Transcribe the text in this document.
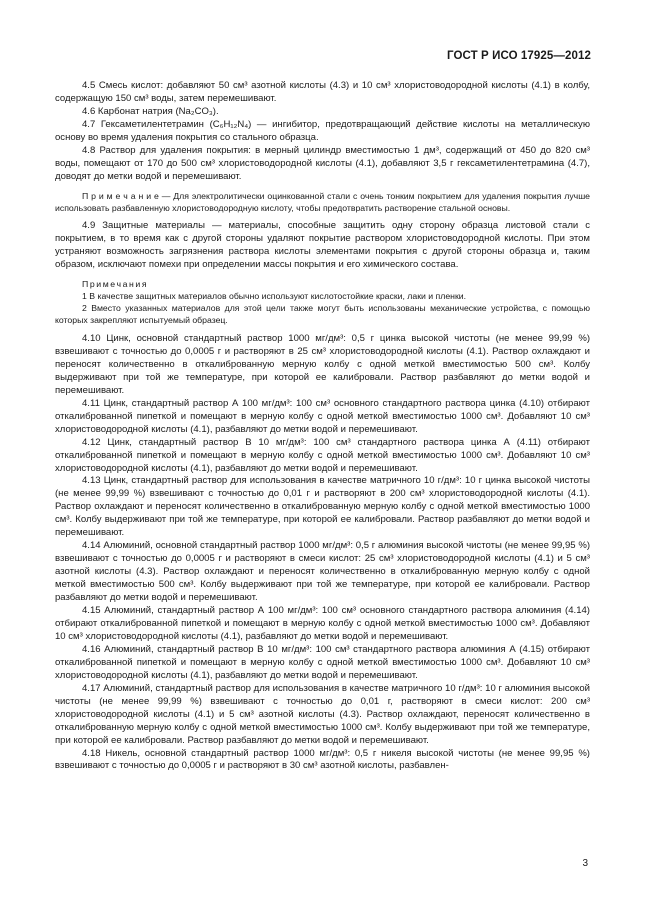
ГОСТ Р ИСО 17925—2012

4.5 Смесь кислот: добавляют 50 см³ азотной кислоты (4.3) и 10 см³ хлористоводородной кислоты (4.1) в колбу, содержащую 150 см³ воды, затем перемешивают.

4.6 Карбонат натрия (Na₂CO₃).

4.7 Гексаметилентетрамин (C₆H₁₂N₄) — ингибитор, предотвращающий действие кислоты на металлическую основу во время удаления покрытия со стального образца.

4.8 Раствор для удаления покрытия: в мерный цилиндр вместимостью 1 дм³, содержащий от 450 до 820 см³ воды, помещают от 170 до 500 см³ хлористоводородной кислоты (4.1), добавляют 3,5 г гексаметилентетрамина (4.7), доводят до метки водой и перемешивают.

П р и м е ч а н и е — Для электролитически оцинкованной стали с очень тонким покрытием для удаления покрытия лучше использовать разбавленную хлористоводородную кислоту, чтобы предотвратить растворение стальной основы.

4.9 Защитные материалы — материалы, способные защитить одну сторону образца листовой стали с покрытием, в то время как с другой стороны удаляют покрытие раствором хлористоводородной кислоты. При этом устраняют возможность загрязнения раствора кислоты элементами покрытия с другой стороны образца и, таким образом, исключают помехи при определении массы покрытия и его химического состава.

Примечания

1 В качестве защитных материалов обычно используют кислотостойкие краски, лаки и пленки.

2 Вместо указанных материалов для этой цели также могут быть использованы механические устройства, с помощью которых закрепляют испытуемый образец.

4.10 Цинк, основной стандартный раствор 1000 мг/дм³: 0,5 г цинка высокой чистоты (не менее 99,99 %) взвешивают с точностью до 0,0005 г и растворяют в 25 см³ хлористоводородной кислоты (4.1). Раствор охлаждают и переносят количественно в откалиброванную мерную колбу с одной меткой вместимостью 500 см³. Колбу выдерживают при той же температуре, при которой ее калибровали. Раствор разбавляют до метки водой и перемешивают.

4.11 Цинк, стандартный раствор А 100 мг/дм³: 100 см³ основного стандартного раствора цинка (4.10) отбирают откалиброванной пипеткой и помещают в мерную колбу с одной меткой вместимостью 1000 см³. Добавляют 10 см³ хлористоводородной кислоты (4.1), разбавляют до метки водой и перемешивают.

4.12 Цинк, стандартный раствор В 10 мг/дм³: 100 см³ стандартного раствора цинка А (4.11) отбирают откалиброванной пипеткой и помещают в мерную колбу с одной меткой вместимостью 1000 см³. Добавляют 10 см³ хлористоводородной кислоты (4.1), разбавляют до метки водой и перемешивают.

4.13 Цинк, стандартный раствор для использования в качестве матричного 10 г/дм³: 10 г цинка высокой чистоты (не менее 99,99 %) взвешивают с точностью до 0,01 г и растворяют в 200 см³ хлористоводородной кислоты (4.1). Раствор охлаждают и переносят количественно в откалиброванную мерную колбу с одной меткой вместимостью 1000 см³. Колбу выдерживают при той же температуре, при которой ее калибровали. Раствор разбавляют до метки водой и перемешивают.

4.14 Алюминий, основной стандартный раствор 1000 мг/дм³: 0,5 г алюминия высокой чистоты (не менее 99,95 %) взвешивают с точностью до 0,0005 г и растворяют в смеси кислот: 25 см³ хлористоводородной кислоты (4.1) и 5 см³ азотной кислоты (4.3). Раствор охлаждают и переносят количественно в откалиброванную мерную колбу с одной меткой вместимостью 500 см³. Колбу выдерживают при той же температуре, при которой ее калибровали. Раствор разбавляют до метки водой и перемешивают.

4.15 Алюминий, стандартный раствор А 100 мг/дм³: 100 см³ основного стандартного раствора алюминия (4.14) отбирают откалиброванной пипеткой и помещают в мерную колбу с одной меткой вместимостью 1000 см³. Добавляют 10 см³ хлористоводородной кислоты (4.1), разбавляют до метки водой и перемешивают.

4.16 Алюминий, стандартный раствор В 10 мг/дм³: 100 см³ стандартного раствора алюминия А (4.15) отбирают откалиброванной пипеткой и помещают в мерную колбу с одной меткой вместимостью 1000 см³. Добавляют 10 см³ хлористоводородной кислоты (4.1), разбавляют до метки водой и перемешивают.

4.17 Алюминий, стандартный раствор для использования в качестве матричного 10 г/дм³: 10 г алюминия высокой чистоты (не менее 99,99 %) взвешивают с точностью до 0,01 г, растворяют в смеси кислот: 200 см³ хлористоводородной кислоты (4.1) и 5 см³ азотной кислоты (4.3). Раствор охлаждают, переносят количественно в откалиброванную мерную колбу с одной меткой вместимостью 1000 см³. Колбу выдерживают при той же температуре, при которой ее калибровали. Раствор разбавляют до метки водой и перемешивают.

4.18 Никель, основной стандартный раствор 1000 мг/дм³: 0,5 г никеля высокой чистоты (не менее 99,95 %) взвешивают с точностью до 0,0005 г и растворяют в 30 см³ азотной кислоты, разбавлен-

3
